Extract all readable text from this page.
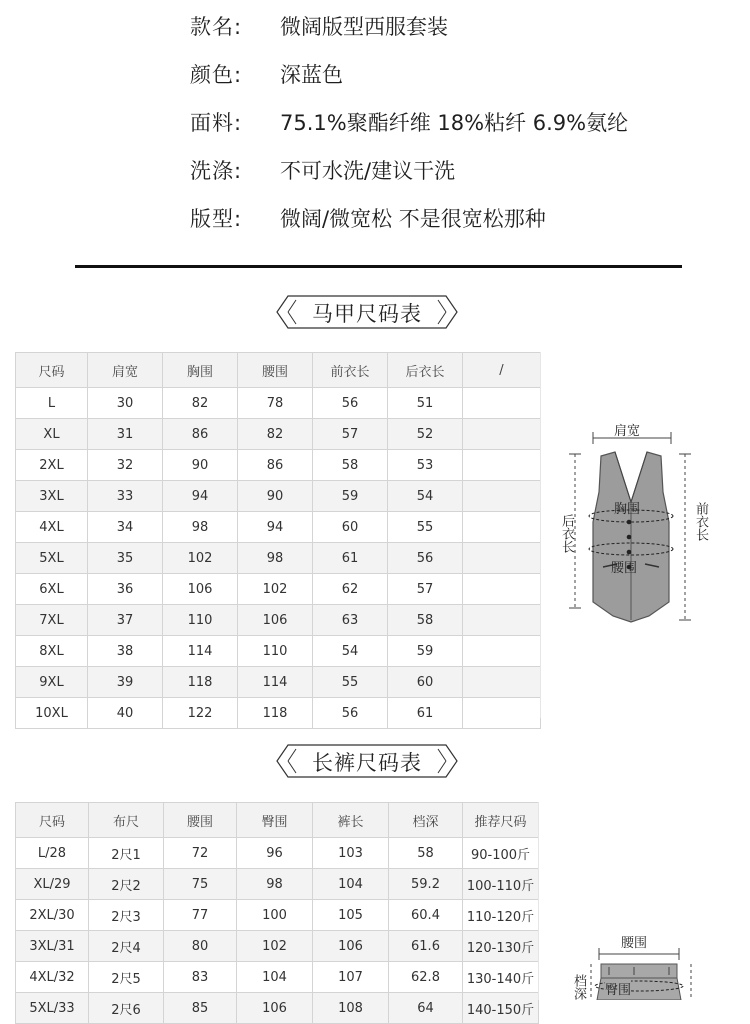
款名: 微阔版型西服套装
颜色: 深蓝色
面料: 75.1%聚酯纤维 18%粘纤 6.9%氨纶
洗涤: 不可水洗/建议干洗
版型: 微阔/微宽松 不是很宽松那种
马甲尺码表
尺码	肩宽	胸围	腰围	前衣长	后衣长	/
L	30	82	78	56	51	
XL	31	86	82	57	52	
2XL	32	90	86	58	53	
3XL	33	94	90	59	54	
4XL	34	98	94	60	55	
5XL	35	102	98	61	56	
6XL	36	106	102	62	57	
7XL	37	110	106	63	58	
8XL	38	114	110	54	59	
9XL	39	118	114	55	60	
10XL	40	122	118	56	61	
肩宽
胸围
腰围
后衣长	前衣长
长裤尺码表
尺码	布尺	腰围	臀围	裤长	档深	推荐尺码
L/28	2尺1	72	96	103	58	90-100斤
XL/29	2尺2	75	98	104	59.2	100-110斤
2XL/30	2尺3	77	100	105	60.4	110-120斤
3XL/31	2尺4	80	102	106	61.6	120-130斤
4XL/32	2尺5	83	104	107	62.8	130-140斤
5XL/33	2尺6	85	106	108	64	140-150斤
腰围
臀围
档深
